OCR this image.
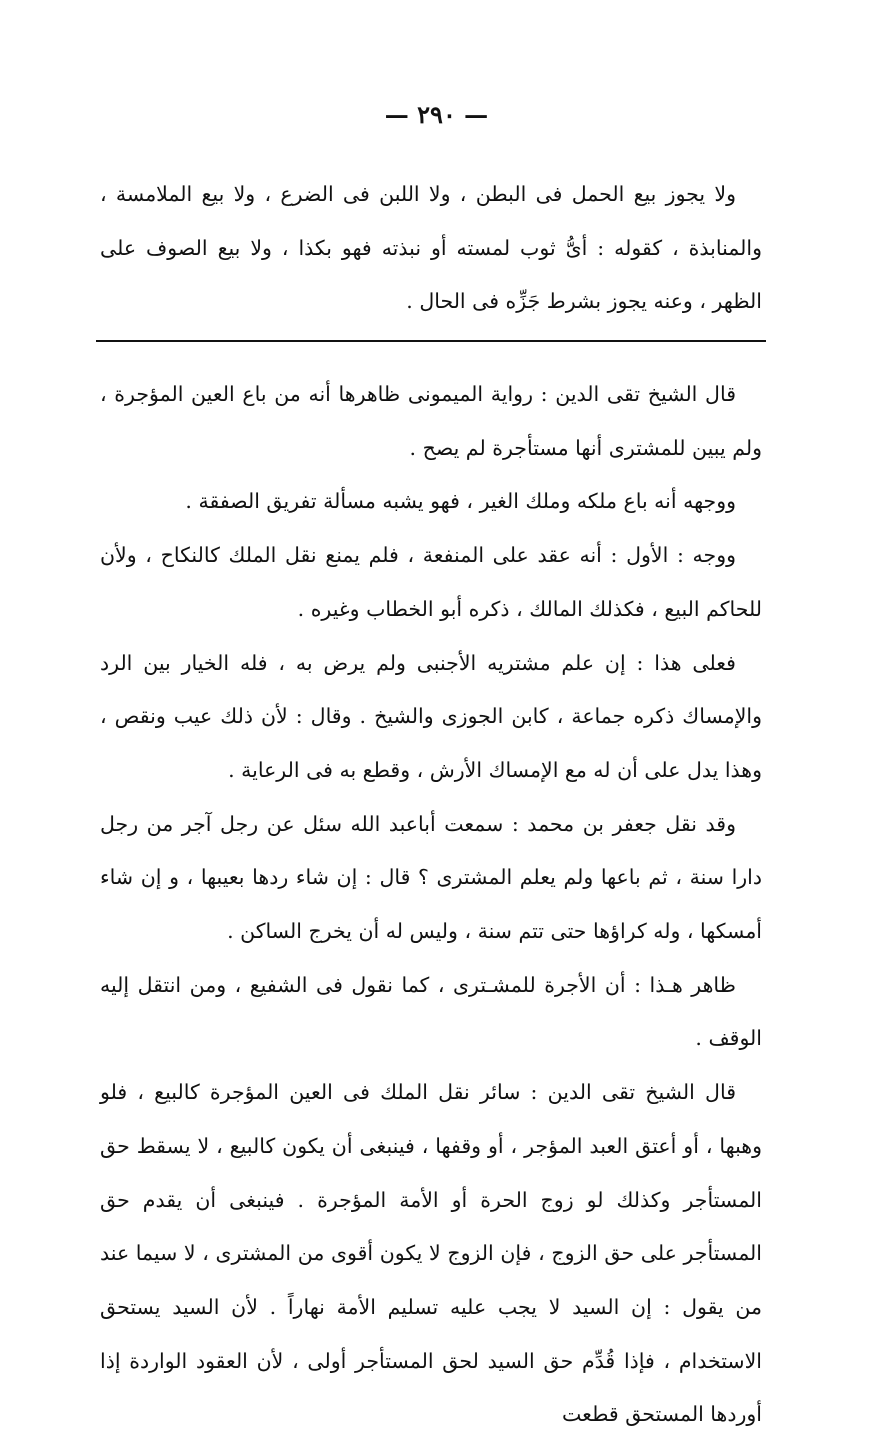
— ٢٩٠ —

ولا يجوز بيع الحمل فى البطن ، ولا اللبن فى الضرع ، ولا بيع الملامسة ، والمنابذة ، كقوله : أىُّ ثوب لمسته أو نبذته فهو بكذا ، ولا بيع الصوف على الظهر ، وعنه يجوز بشرط جَزِّه فى الحال .

قال الشيخ تقى الدين : رواية الميمونى ظاهرها أنه من باع العين المؤجرة ، ولم يبين للمشترى أنها مستأجرة لم يصح .

ووجهه أنه باع ملكه وملك الغير ، فهو يشبه مسألة تفريق الصفقة .

ووجه : الأول : أنه عقد على المنفعة ، فلم يمنع نقل الملك كالنكاح ، ولأن للحاكم البيع ، فكذلك المالك ، ذكره أبو الخطاب وغيره .

فعلى هذا : إن علم مشتريه الأجنبى ولم يرض به ، فله الخيار بين الرد والإمساك ذكره جماعة ، كابن الجوزى والشيخ . وقال : لأن ذلك عيب ونقص ، وهذا يدل على أن له مع الإمساك الأرش ، وقطع به فى الرعاية .

وقد نقل جعفر بن محمد : سمعت أباعبد الله سئل عن رجل آجر من رجل دارا سنة ، ثم باعها ولم يعلم المشترى ؟ قال : إن شاء ردها بعيبها ، و إن شاء أمسكها ، وله كراؤها حتى تتم سنة ، وليس له أن يخرج الساكن .

ظاهر هـذا : أن الأجرة للمشـترى ، كما نقول فى الشفيع ، ومن انتقل إليه الوقف .

قال الشيخ تقى الدين : سائر نقل الملك فى العين المؤجرة كالبيع ، فلو وهبها ، أو أعتق العبد المؤجر ، أو وقفها ، فينبغى أن يكون كالبيع ، لا يسقط حق المستأجر وكذلك لو زوج الحرة أو الأمة المؤجرة . فينبغى أن يقدم حق المستأجر على حق الزوج ، فإن الزوج لا يكون أقوى من المشترى ، لا سيما عند من يقول : إن السيد لا يجب عليه تسليم الأمة نهاراً . لأن السيد يستحق الاستخدام ، فإذا قُدِّم حق السيد لحق المستأجر أولى ، لأن العقود الواردة إذا أوردها المستحق قطعت
